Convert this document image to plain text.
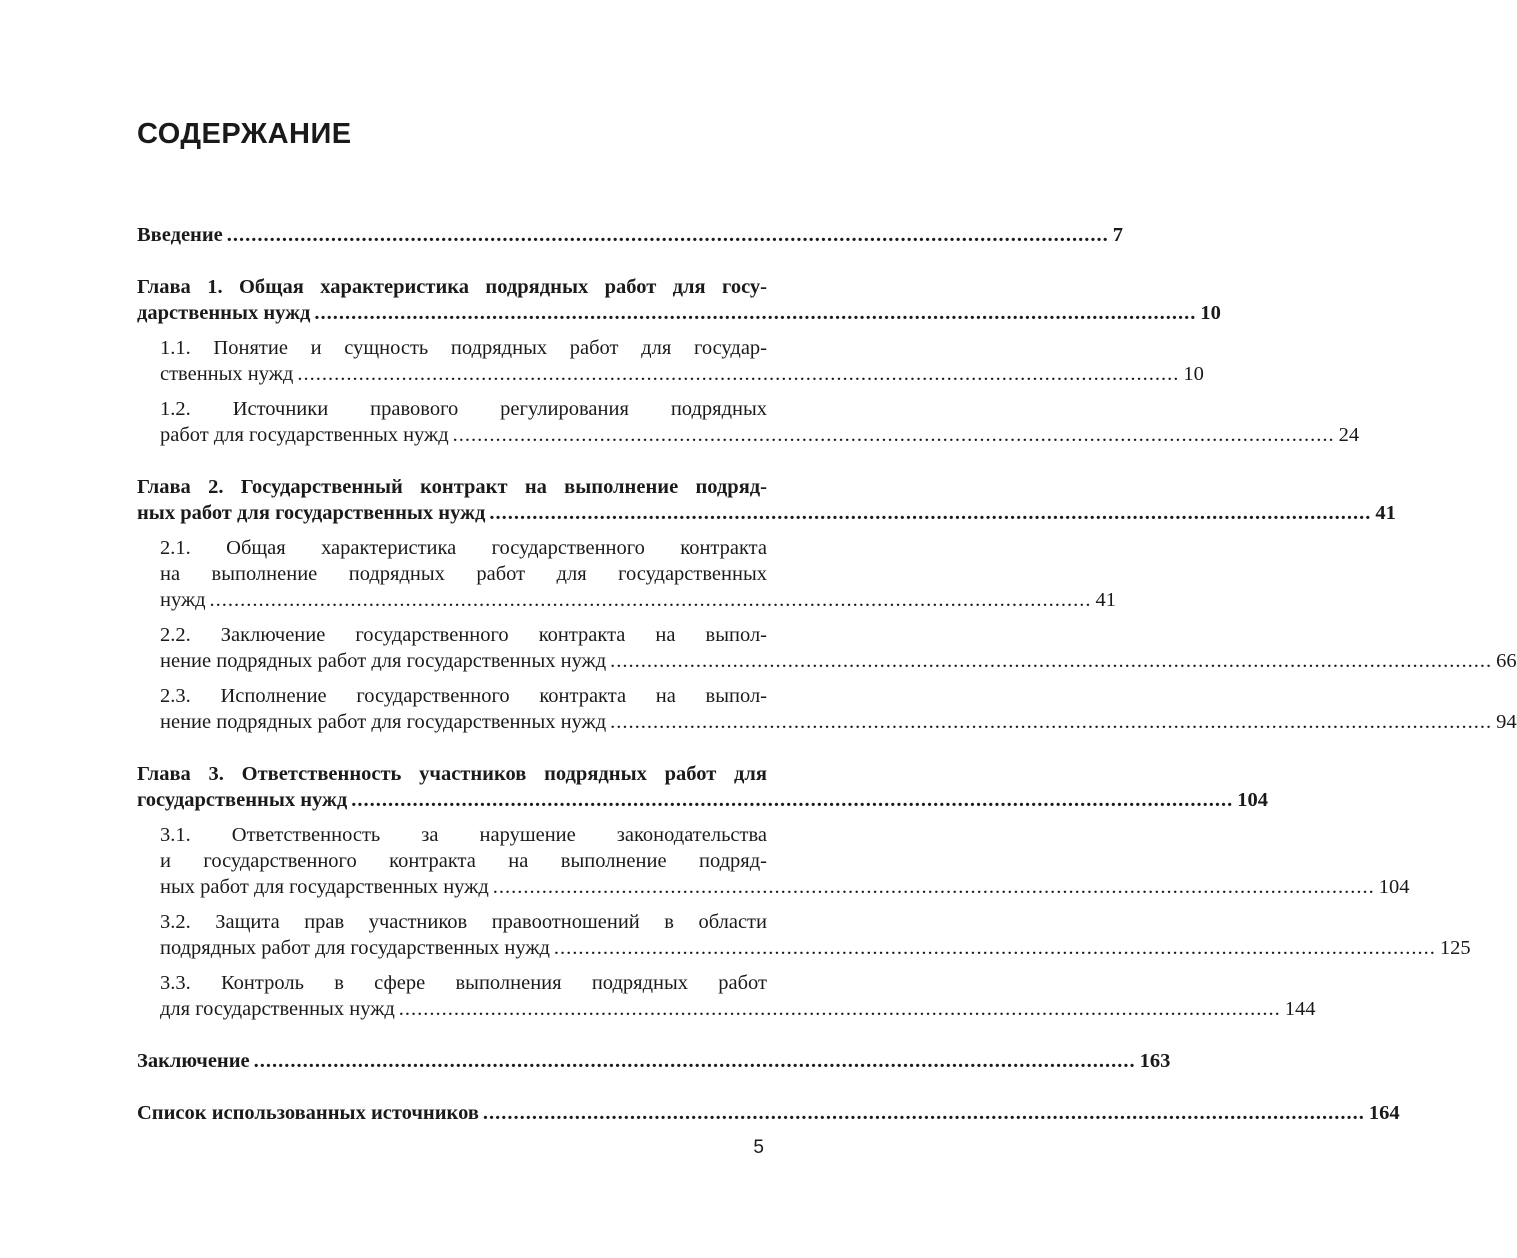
СОДЕРЖАНИЕ
Введение ................................................................................................................................................ 7
Глава 1. Общая характеристика подрядных работ для госу-
дарственных нужд ................................................................................................................................................ 10
1.1. Понятие и сущность подрядных работ для государ-
ственных нужд ................................................................................................................................................ 10
1.2. Источники правового регулирования подрядных
работ для государственных нужд ................................................................................................................................................ 24
Глава 2. Государственный контракт на выполнение подряд-
ных работ для государственных нужд ................................................................................................................................................ 41
2.1. Общая характеристика государственного контракта
на выполнение подрядных работ для государственных
нужд ................................................................................................................................................ 41
2.2. Заключение государственного контракта на выпол-
нение подрядных работ для государственных нужд ................................................................................................................................................ 66
2.3. Исполнение государственного контракта на выпол-
нение подрядных работ для государственных нужд ................................................................................................................................................ 94
Глава 3. Ответственность участников подрядных работ для
государственных нужд ................................................................................................................................................ 104
3.1. Ответственность за нарушение законодательства
и государственного контракта на выполнение подряд-
ных работ для государственных нужд ................................................................................................................................................ 104
3.2. Защита прав участников правоотношений в области
подрядных работ для государственных нужд ................................................................................................................................................ 125
3.3. Контроль в сфере выполнения подрядных работ
для государственных нужд ................................................................................................................................................ 144
Заключение ................................................................................................................................................ 163
Список использованных источников ................................................................................................................................................ 164
5
